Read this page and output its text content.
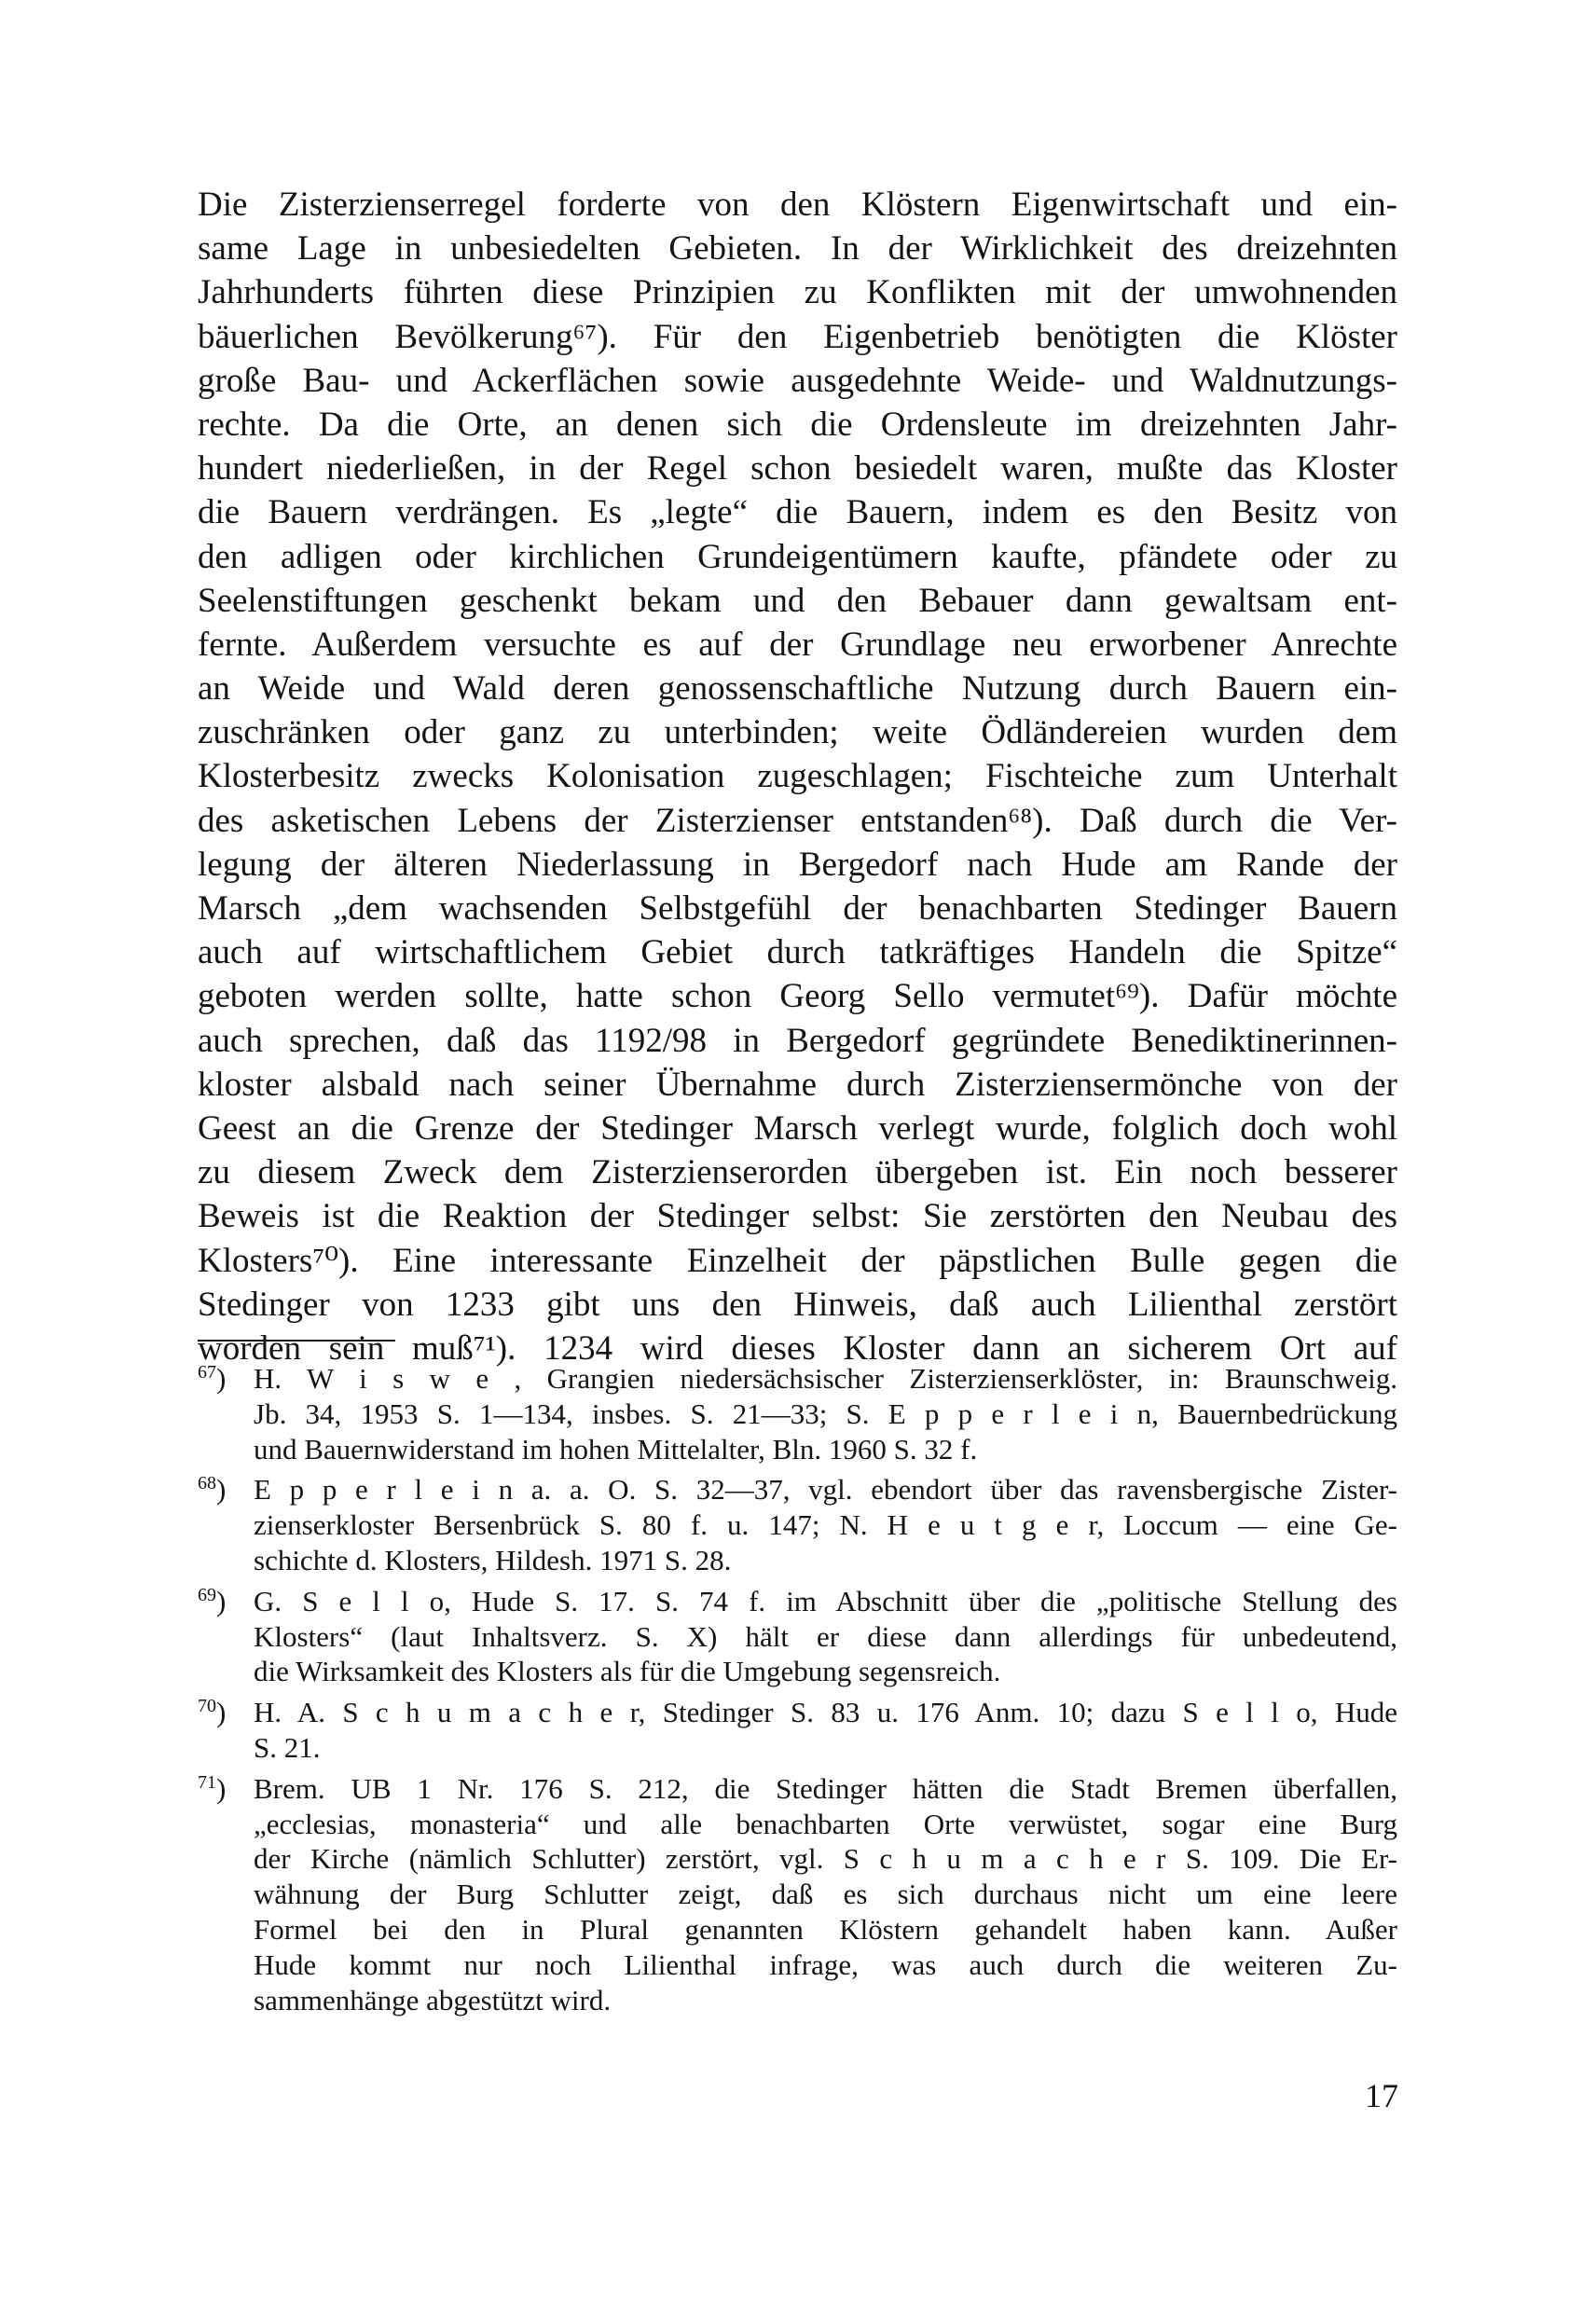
Die Zisterzienserregel forderte von den Klöstern Eigenwirtschaft und ein-
same Lage in unbesiedelten Gebieten. In der Wirklichkeit des dreizehnten
Jahrhunderts führten diese Prinzipien zu Konflikten mit der umwohnenden
bäuerlichen Bevölkerung⁶⁷). Für den Eigenbetrieb benötigten die Klöster
große Bau- und Ackerflächen sowie ausgedehnte Weide- und Waldnutzungs-
rechte. Da die Orte, an denen sich die Ordensleute im dreizehnten Jahr-
hundert niederließen, in der Regel schon besiedelt waren, mußte das Kloster
die Bauern verdrängen. Es „legte“ die Bauern, indem es den Besitz von
den adligen oder kirchlichen Grundeigentümern kaufte, pfändete oder zu
Seelenstiftungen geschenkt bekam und den Bebauer dann gewaltsam ent-
fernte. Außerdem versuchte es auf der Grundlage neu erworbener Anrechte
an Weide und Wald deren genossenschaftliche Nutzung durch Bauern ein-
zuschränken oder ganz zu unterbinden; weite Ödländereien wurden dem
Klosterbesitz zwecks Kolonisation zugeschlagen; Fischteiche zum Unterhalt
des asketischen Lebens der Zisterzienser entstanden⁶⁸). Daß durch die Ver-
legung der älteren Niederlassung in Bergedorf nach Hude am Rande der
Marsch „dem wachsenden Selbstgefühl der benachbarten Stedinger Bauern
auch auf wirtschaftlichem Gebiet durch tatkräftiges Handeln die Spitze“
geboten werden sollte, hatte schon Georg Sello vermutet⁶⁹). Dafür möchte
auch sprechen, daß das 1192/98 in Bergedorf gegründete Benediktinerinnen-
kloster alsbald nach seiner Übernahme durch Zisterziensermönche von der
Geest an die Grenze der Stedinger Marsch verlegt wurde, folglich doch wohl
zu diesem Zweck dem Zisterzienserorden übergeben ist. Ein noch besserer
Beweis ist die Reaktion der Stedinger selbst: Sie zerstörten den Neubau des
Klosters⁷⁰). Eine interessante Einzelheit der päpstlichen Bulle gegen die
Stedinger von 1233 gibt uns den Hinweis, daß auch Lilienthal zerstört
worden sein muß⁷¹). 1234 wird dieses Kloster dann an sicherem Ort auf
$^{67}$) H. W i s w e , Grangien niedersächsischer Zisterzienserklöster, in: Braunschweig.
Jb. 34, 1953 S. 1—134, insbes. S. 21—33; S. E p p e r l e i n, Bauernbedrückung
und Bauernwiderstand im hohen Mittelalter, Bln. 1960 S. 32 f.
$^{68}$) E p p e r l e i n a. a. O. S. 32—37, vgl. ebendort über das ravensbergische Zister-
zienserkloster Bersenbrück S. 80 f. u. 147; N. H e u t g e r, Loccum — eine Ge-
schichte d. Klosters, Hildesh. 1971 S. 28.
$^{69}$) G. S e l l o, Hude S. 17. S. 74 f. im Abschnitt über die „politische Stellung des
Klosters“ (laut Inhaltsverz. S. X) hält er diese dann allerdings für unbedeutend,
die Wirksamkeit des Klosters als für die Umgebung segensreich.
$^{70}$) H. A. S c h u m a c h e r, Stedinger S. 83 u. 176 Anm. 10; dazu S e l l o, Hude
S. 21.
$^{71}$) Brem. UB 1 Nr. 176 S. 212, die Stedinger hätten die Stadt Bremen überfallen,
„ecclesias, monasteria“ und alle benachbarten Orte verwüstet, sogar eine Burg
der Kirche (nämlich Schlutter) zerstört, vgl. S c h u m a c h e r S. 109. Die Er-
wähnung der Burg Schlutter zeigt, daß es sich durchaus nicht um eine leere
Formel bei den in Plural genannten Klöstern gehandelt haben kann. Außer
Hude kommt nur noch Lilienthal infrage, was auch durch die weiteren Zu-
sammenhänge abgestützt wird.
17
